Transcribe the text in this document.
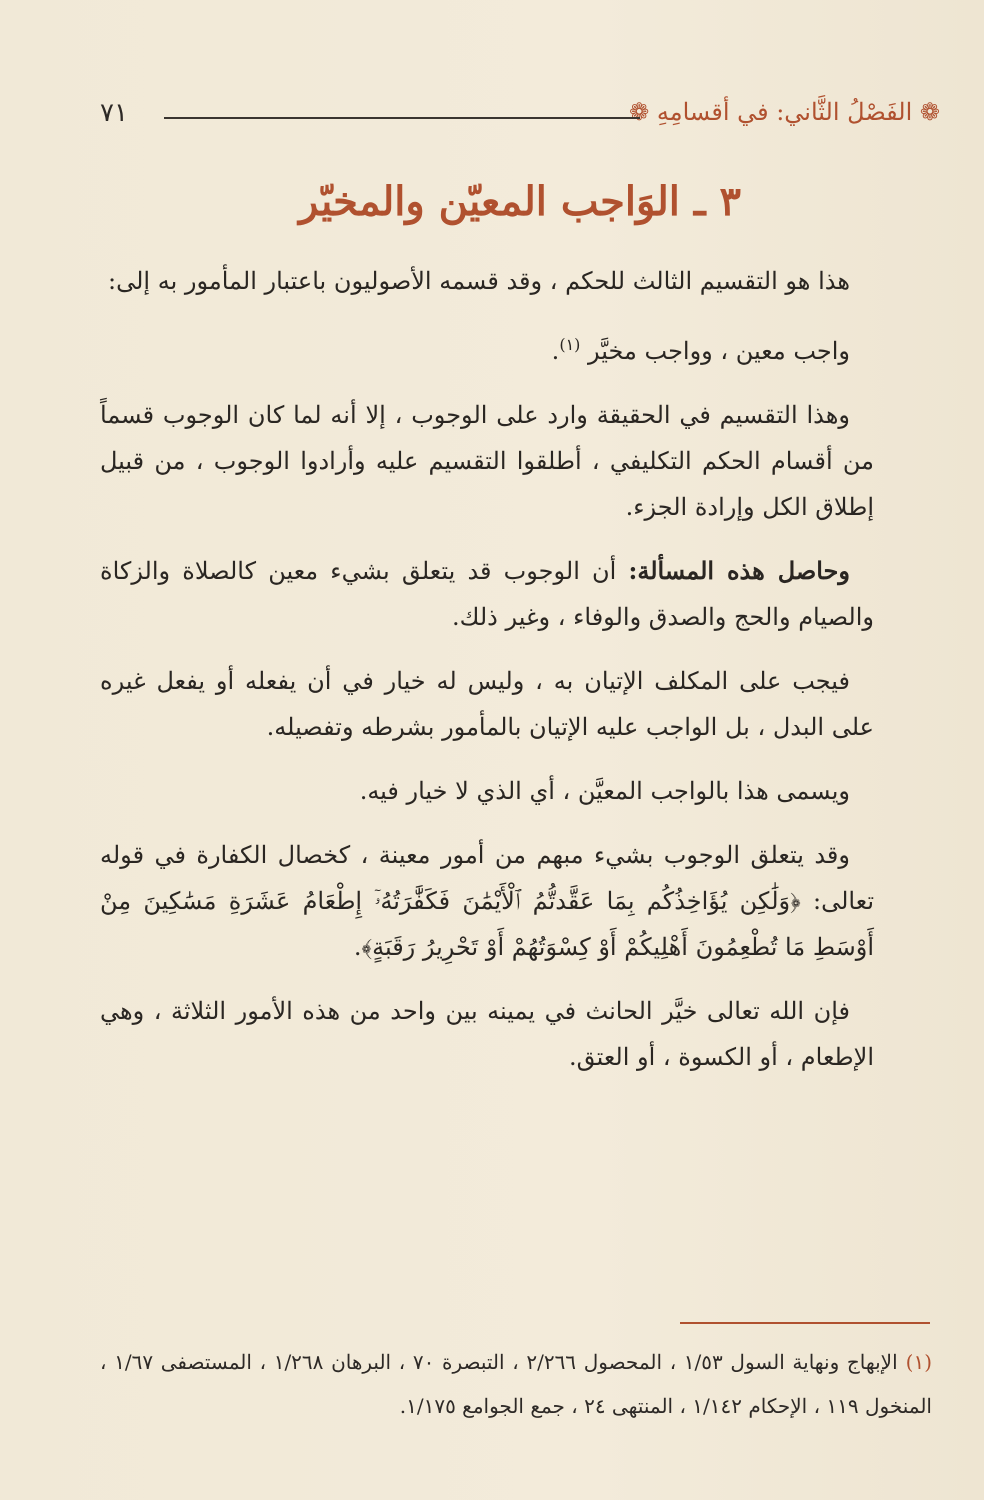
❁ الفَصْلُ الثَّاني: في أقسامِهِ ❁
٧١
٣ ـ الوَاجب المعيّن والمخيّر

هذا هو التقسيم الثالث للحكم ، وقد قسمه الأصوليون باعتبار المأمور به إلى:

واجب معين ، وواجب مخيَّر $^{(١)}$.

وهذا التقسيم في الحقيقة وارد على الوجوب ، إلا أنه لما كان الوجوب قسماً من أقسام الحكم التكليفي ، أطلقوا التقسيم عليه وأرادوا الوجوب ، من قبيل إطلاق الكل وإرادة الجزء.

وحاصل هذه المسألة: أن الوجوب قد يتعلق بشيء معين كالصلاة والزكاة والصيام والحج والصدق والوفاء ، وغير ذلك.

فيجب على المكلف الإتيان به ، وليس له خيار في أن يفعله أو يفعل غيره على البدل ، بل الواجب عليه الإتيان بالمأمور بشرطه وتفصيله.

ويسمى هذا بالواجب المعيَّن ، أي الذي لا خيار فيه.

وقد يتعلق الوجوب بشيء مبهم من أمور معينة ، كخصال الكفارة في قوله تعالى: ﴿وَلَٰكِن يُؤَاخِذُكُم بِمَا عَقَّدتُّمُ ٱلْأَيْمَٰنَ فَكَفَّٰرَتُهُۥٓ إِطْعَامُ عَشَرَةِ مَسَٰكِينَ مِنْ أَوْسَطِ مَا تُطْعِمُونَ أَهْلِيكُمْ أَوْ كِسْوَتُهُمْ أَوْ تَحْرِيرُ رَقَبَةٍ﴾.

فإن الله تعالى خيَّر الحانث في يمينه بين واحد من هذه الأمور الثلاثة ، وهي الإطعام ، أو الكسوة ، أو العتق.

(١)الإبهاج ونهاية السول ١/٥٣ ، المحصول ٢/٢٦٦ ، التبصرة ٧٠ ، البرهان ١/٢٦٨ ، المستصفى ١/٦٧ ، المنخول ١١٩ ، الإحكام ١/١٤٢ ، المنتهى ٢٤ ، جمع الجوامع ١/١٧٥.
